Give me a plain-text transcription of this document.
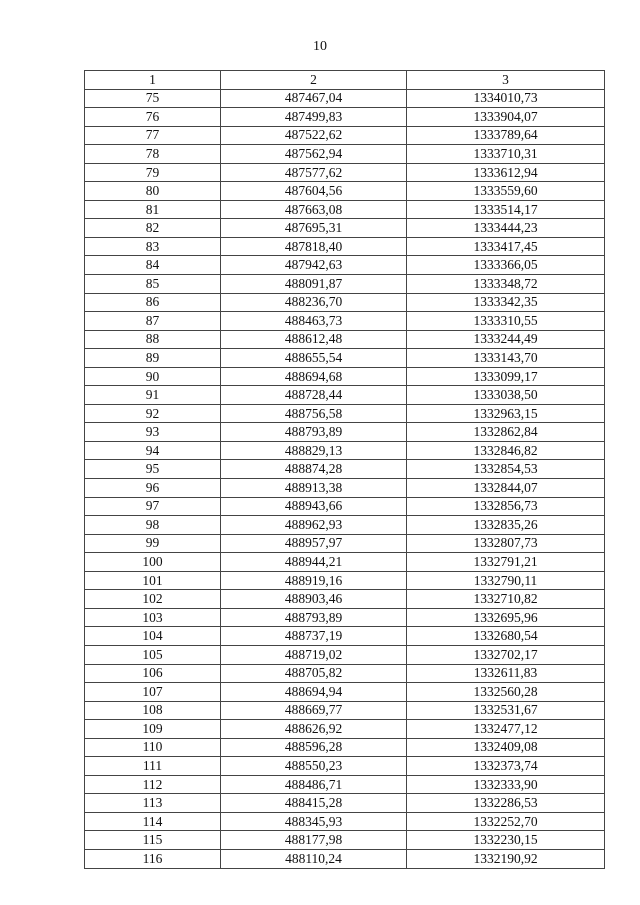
10
1	2	3
75	487467,04	1334010,73
76	487499,83	1333904,07
77	487522,62	1333789,64
78	487562,94	1333710,31
79	487577,62	1333612,94
80	487604,56	1333559,60
81	487663,08	1333514,17
82	487695,31	1333444,23
83	487818,40	1333417,45
84	487942,63	1333366,05
85	488091,87	1333348,72
86	488236,70	1333342,35
87	488463,73	1333310,55
88	488612,48	1333244,49
89	488655,54	1333143,70
90	488694,68	1333099,17
91	488728,44	1333038,50
92	488756,58	1332963,15
93	488793,89	1332862,84
94	488829,13	1332846,82
95	488874,28	1332854,53
96	488913,38	1332844,07
97	488943,66	1332856,73
98	488962,93	1332835,26
99	488957,97	1332807,73
100	488944,21	1332791,21
101	488919,16	1332790,11
102	488903,46	1332710,82
103	488793,89	1332695,96
104	488737,19	1332680,54
105	488719,02	1332702,17
106	488705,82	1332611,83
107	488694,94	1332560,28
108	488669,77	1332531,67
109	488626,92	1332477,12
110	488596,28	1332409,08
111	488550,23	1332373,74
112	488486,71	1332333,90
113	488415,28	1332286,53
114	488345,93	1332252,70
115	488177,98	1332230,15
116	488110,24	1332190,92
